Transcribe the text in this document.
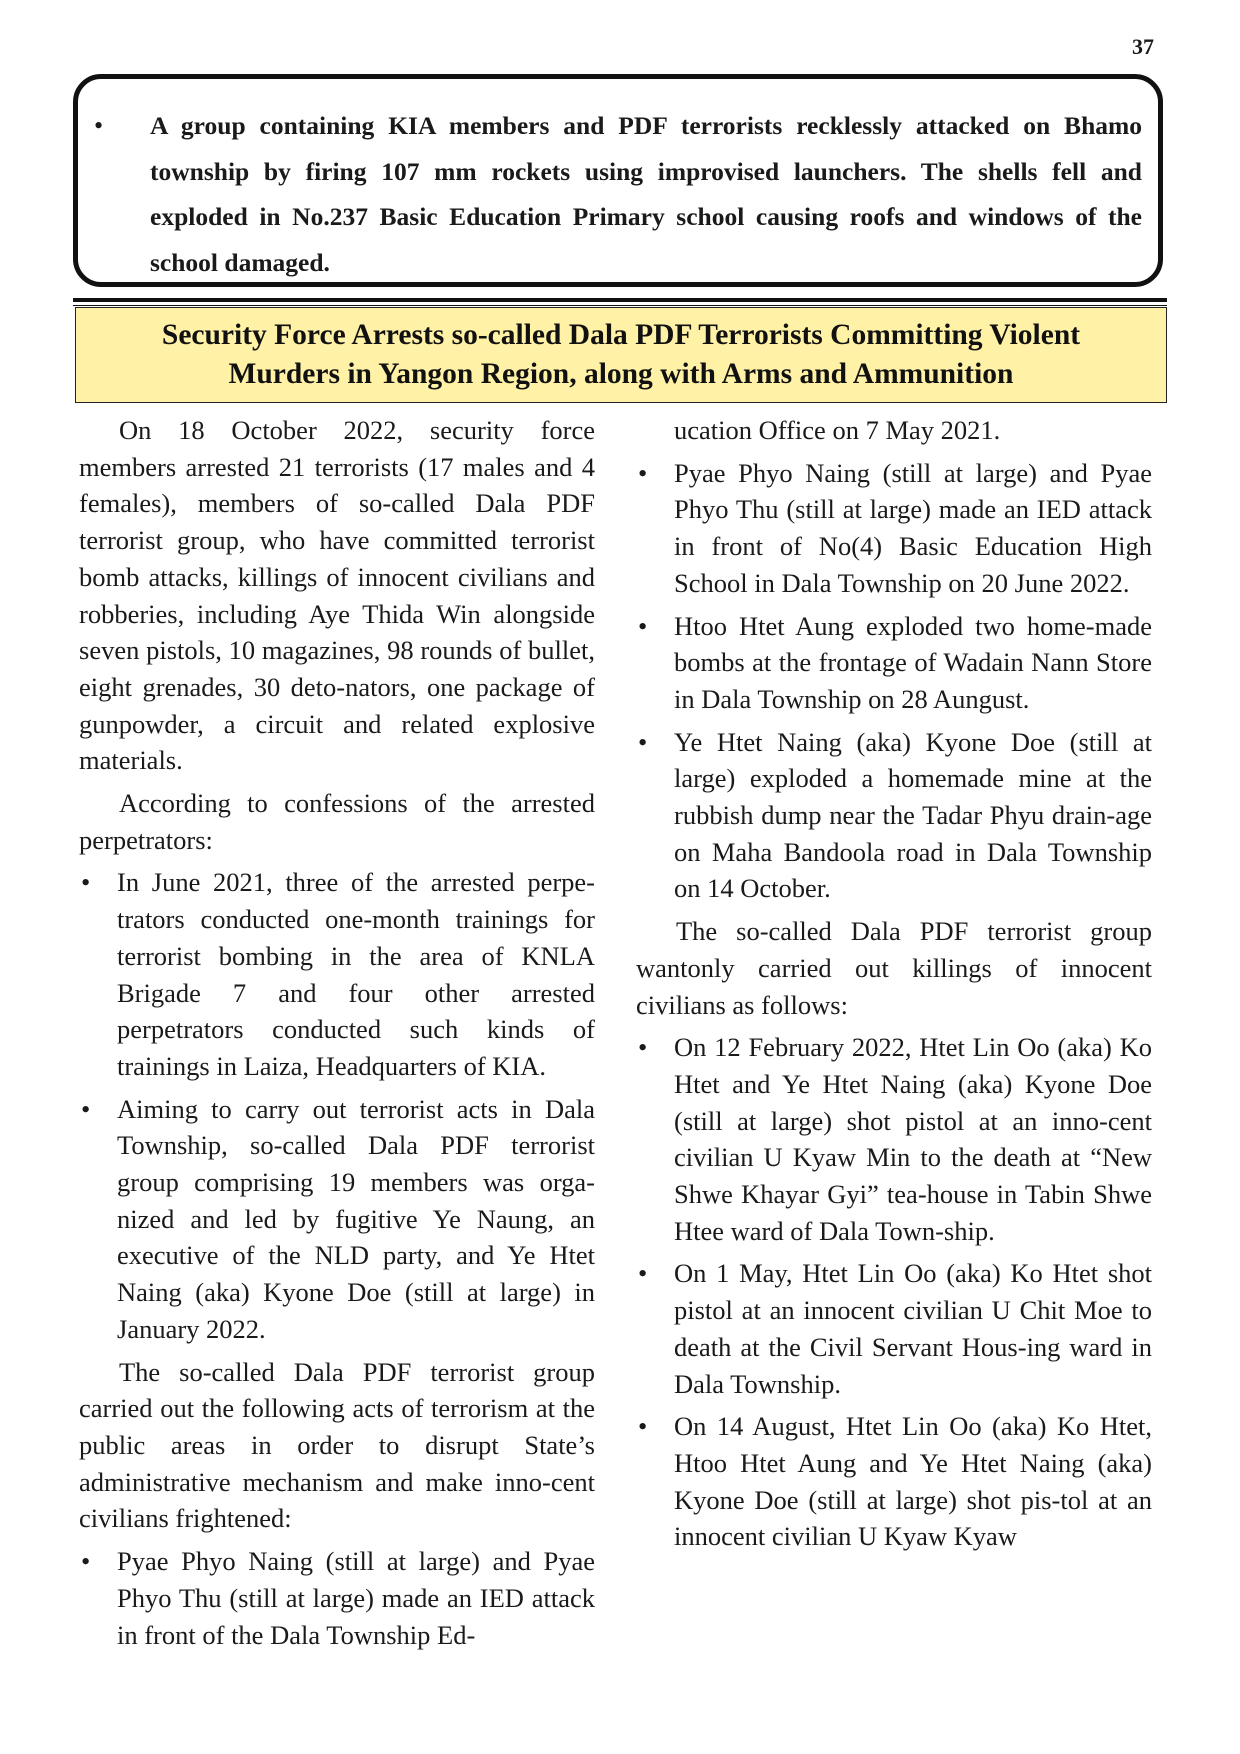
37
•	A group containing KIA members and PDF terrorists recklessly attacked on Bhamo township by firing 107 mm rockets using improvised launchers. The shells fell and exploded in No.237 Basic Education Primary school causing roofs and windows of the school damaged.
Security Force Arrests so-called Dala PDF Terrorists Committing Violent
Murders in Yangon Region, along with Arms and Ammunition

On 18 October 2022, security force members arrested 21 terrorists (17 males and 4 females), members of so-called Dala PDF terrorist group, who have committed terrorist bomb attacks, killings of innocent civilians and robberies, including Aye Thida Win alongside seven pistols, 10 magazines, 98 rounds of bullet, eight grenades, 30 deto-nators, one package of gunpowder, a circuit and related explosive materials.

According to confessions of the arrested perpetrators:

•	In June 2021, three of the arrested perpe-trators conducted one-month trainings for terrorist bombing in the area of KNLA Brigade 7 and four other arrested perpetrators conducted such kinds of trainings in Laiza, Headquarters of KIA.
•	Aiming to carry out terrorist acts in Dala Township, so-called Dala PDF terrorist group comprising 19 members was orga-nized and led by fugitive Ye Naung, an executive of the NLD party, and Ye Htet Naing (aka) Kyone Doe (still at large) in January 2022.

The so-called Dala PDF terrorist group carried out the following acts of terrorism at the public areas in order to disrupt State’s administrative mechanism and make inno-cent civilians frightened:

•	Pyae Phyo Naing (still at large) and Pyae Phyo Thu (still at large) made an IED attack in front of the Dala Township Ed-

ucation Office on 7 May 2021.

•	Pyae Phyo Naing (still at large) and Pyae Phyo Thu (still at large) made an IED attack in front of No(4) Basic Education High School in Dala Township on 20 June 2022.
•	Htoo Htet Aung exploded two home-made bombs at the frontage of Wadain Nann Store in Dala Township on 28 Aungust.
•	Ye Htet Naing (aka) Kyone Doe (still at large) exploded a homemade mine at the rubbish dump near the Tadar Phyu drain-age on Maha Bandoola road in Dala Township on 14 October.

The so-called Dala PDF terrorist group wantonly carried out killings of innocent civilians as follows:

•	On 12 February 2022, Htet Lin Oo (aka) Ko Htet and Ye Htet Naing (aka) Kyone Doe (still at large) shot pistol at an inno-cent civilian U Kyaw Min to the death at “New Shwe Khayar Gyi” tea-house in Tabin Shwe Htee ward of Dala Town-ship.
•	On 1 May, Htet Lin Oo (aka) Ko Htet shot pistol at an innocent civilian U Chit Moe to death at the Civil Servant Hous-ing ward in Dala Township.
•	On 14 August, Htet Lin Oo (aka) Ko Htet, Htoo Htet Aung and Ye Htet Naing (aka) Kyone Doe (still at large) shot pis-tol at an innocent civilian U Kyaw Kyaw
